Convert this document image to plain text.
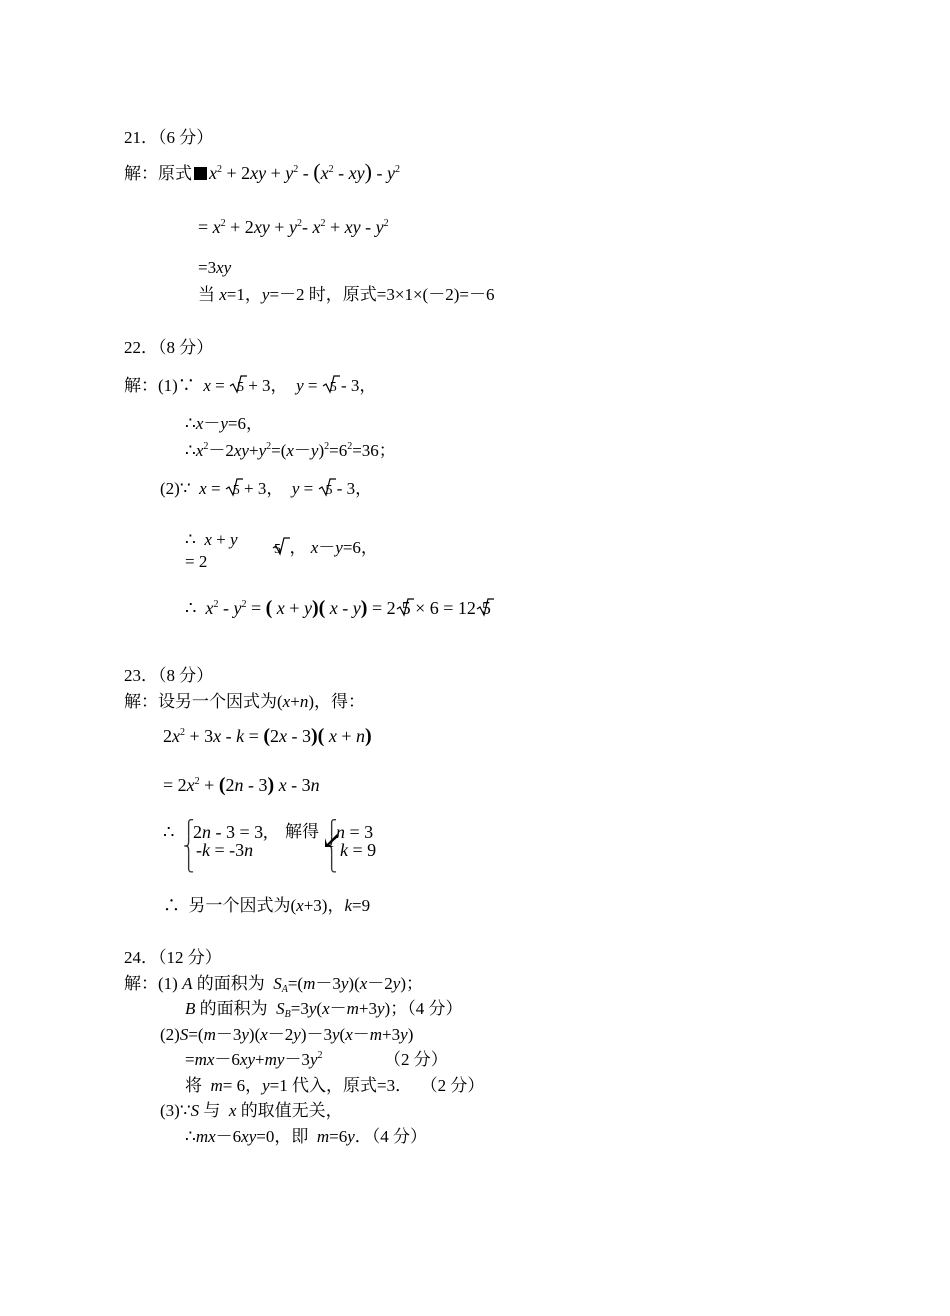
21．（6 分）
解：原式 $x^2 + 2xy + y^2 - (x^2 - xy) - y^2$
= $x^2 + 2xy + y^2-$ $x^2$ + xy - $y^2$
=3xy
当 x=1，y=－2 时，原式=3×1×(－2)=－6
22．（8 分）
解：(1)∵  x =
5 + 3，  y =
5 - 3，
∴x－y=6，
$\therefore x^2-2xy+y^2=(x-y)^2=6^2=36$；
(2)∵  x =
5 + 3，  y =
5 - 3，
∴  x + y
= 2
5  ， x－y=6，
∴  $x^2 - y^2$ = ( x + y)( x - y) = 2 5 × 6 = 12 5
23．（8 分）
解：设另一个因式为(x+n)，得：
$2x^2 + 3x - k = (2x - 3)$( x + n)
= $2x^2 + (2n - 3)$ x - 3n
∴ ⎧
⎨
⎩
2n - 3 = 3,
-k = -3n
解得 ⎧
⎨
⎩
n = 3
k = 9
∴  另一个因式为(x+3)，k=9
24．（12 分）
解：(1) A 的面积为  $S_A=(m-3y)(x-2y)$；
B 的面积为  $S_B=3y(x-m+3y)$；（4 分）
(2)S=(m－3y)(x－2y)－3y(x－m+3y)
$=mx-6xy+my-3y^2$	（2 分）
将  m= 6，y=1 代入，原式=3．  （2 分）
(3)∵S 与  x 的取值无关，
∴mx－6xy=0，即  m=6y．（4 分）
